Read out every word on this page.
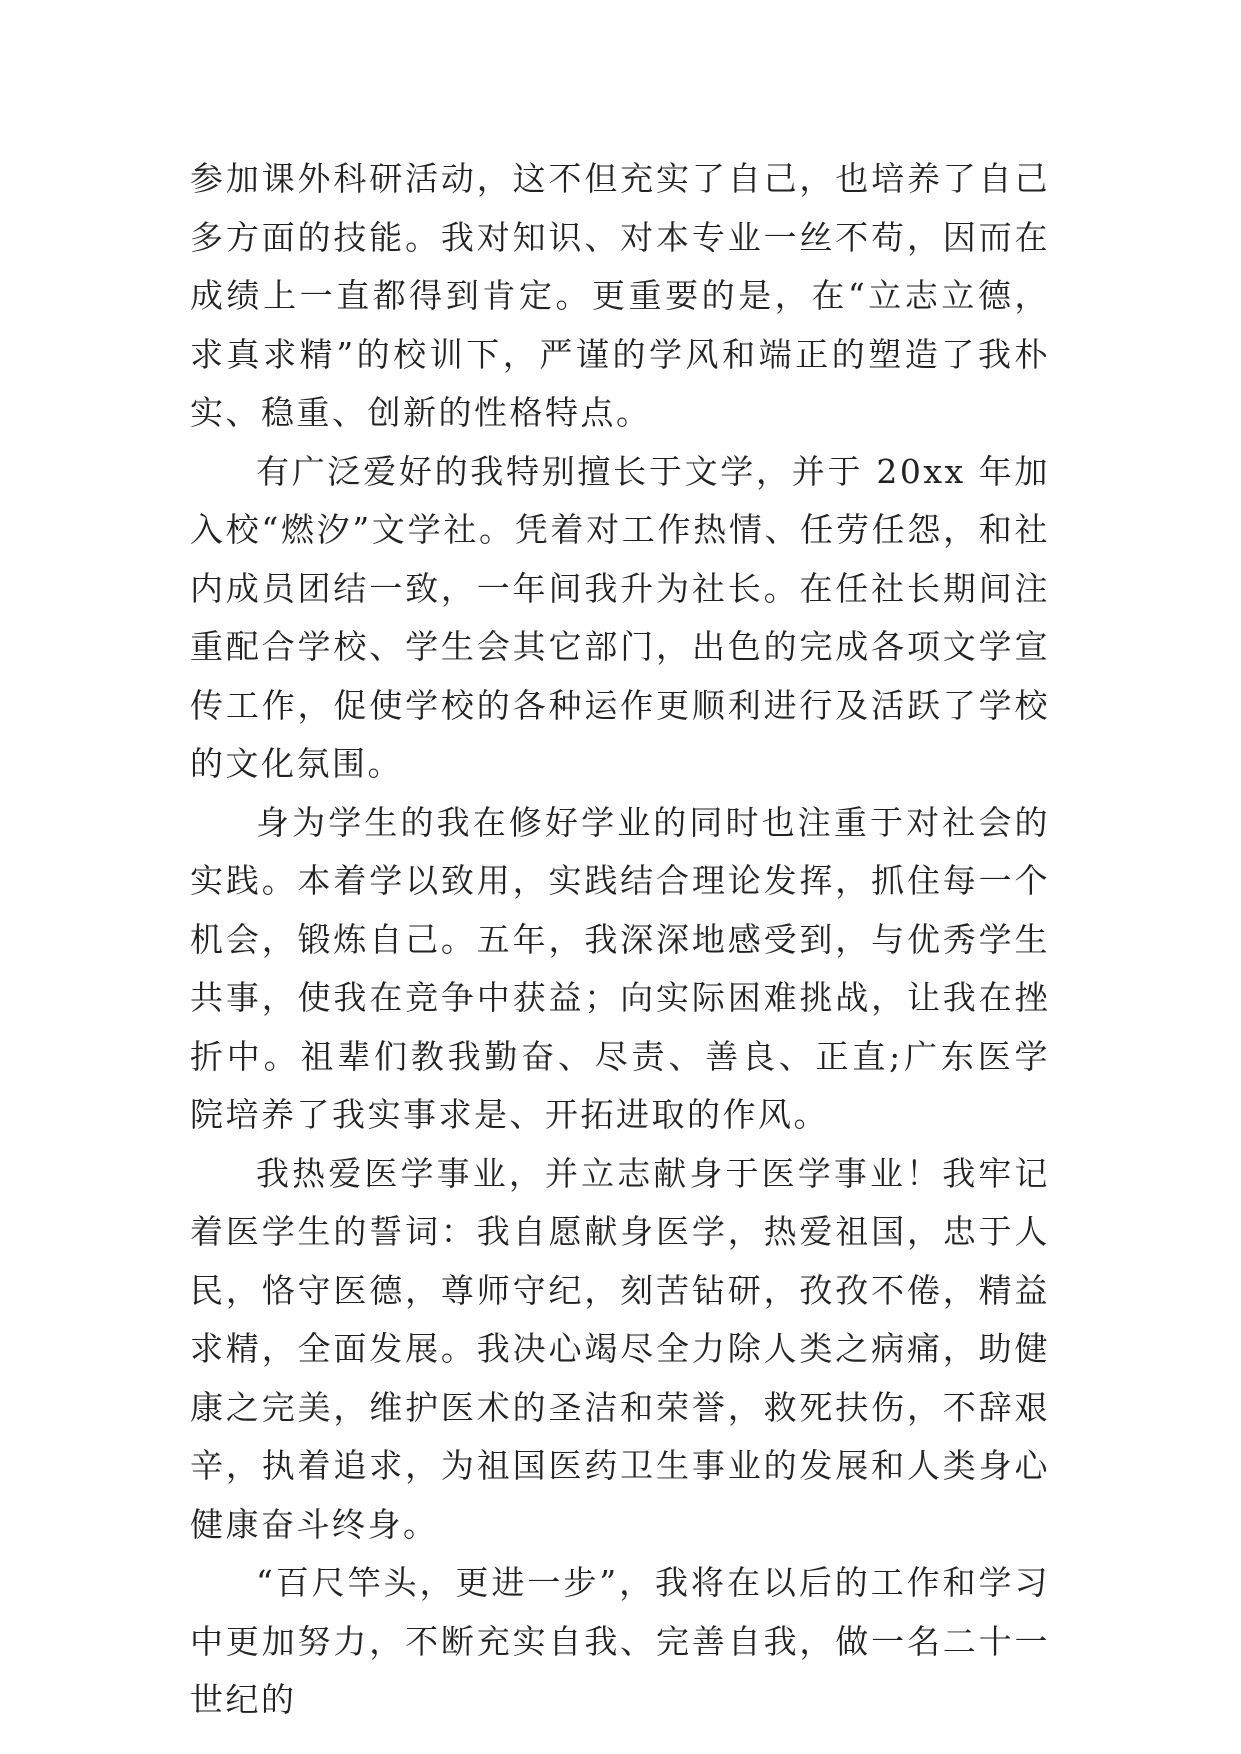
参加课外科研活动，这不但充实了自己，也培养了自己多方面的技能。我对知识、对本专业一丝不苟，因而在成绩上一直都得到肯定。更重要的是，在“立志立德，求真求精”的校训下，严谨的学风和端正的塑造了我朴实、稳重、创新的性格特点。

有广泛爱好的我特别擅长于文学，并于 20xx 年加入校“燃汐”文学社。凭着对工作热情、任劳任怨，和社内成员团结一致，一年间我升为社长。在任社长期间注重配合学校、学生会其它部门，出色的完成各项文学宣传工作，促使学校的各种运作更顺利进行及活跃了学校的文化氛围。

身为学生的我在修好学业的同时也注重于对社会的实践。本着学以致用，实践结合理论发挥，抓住每一个机会，锻炼自己。五年，我深深地感受到，与优秀学生共事，使我在竞争中获益；向实际困难挑战，让我在挫折中。祖辈们教我勤奋、尽责、善良、正直;广东医学院培养了我实事求是、开拓进取的作风。

我热爱医学事业，并立志献身于医学事业！我牢记着医学生的誓词：我自愿献身医学，热爱祖国，忠于人民，恪守医德，尊师守纪，刻苦钻研，孜孜不倦，精益求精，全面发展。我决心竭尽全力除人类之病痛，助健康之完美，维护医术的圣洁和荣誉，救死扶伤，不辞艰辛，执着追求，为祖国医药卫生事业的发展和人类身心健康奋斗终身。

“百尺竿头，更进一步”，我将在以后的工作和学习中更加努力，不断充实自我、完善自我，做一名二十一世纪的
